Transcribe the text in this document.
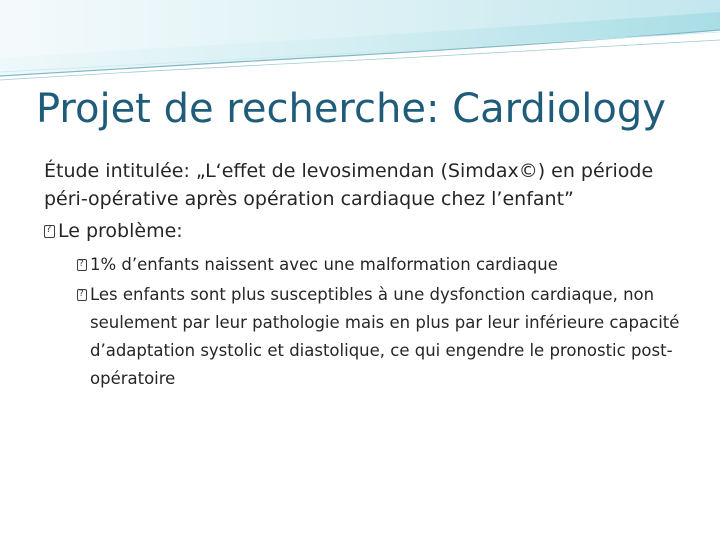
Projet de recherche: Cardiology

Étude intitulée: „L‘effet de levosimendan (Simdax©) en période péri-opérative après opération cardiaque chez l’enfant”

?
Le problème:
?
1% d’enfants naissent avec une malformation cardiaque
?
Les enfants sont plus susceptibles à une dysfonction cardiaque, non seulement par leur pathologie mais en plus par leur inférieure capacité d’adaptation systolic et diastolique, ce qui engendre le pronostic post-opératoire
